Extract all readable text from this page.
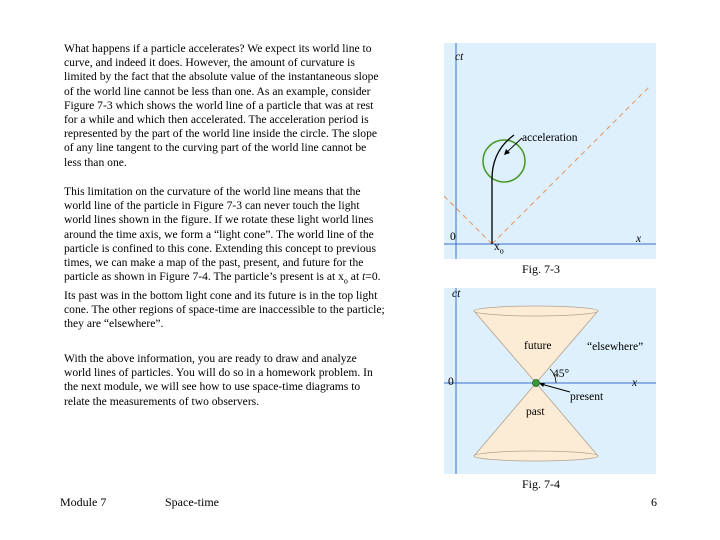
What happens if a particle accelerates? We expect its world line to curve, and indeed it does. However, the amount of curvature is limited by the fact that the absolute value of the instantaneous slope of the world line cannot be less than one. As an example, consider Figure 7-3 which shows the world line of a particle that was at rest for a while and which then accelerated. The acceleration period is represented by the part of the world line inside the circle. The slope of any line tangent to the curving part of the world line cannot be less than one.

This limitation on the curvature of the world line means that the world line of the particle in Figure 7-3 can never touch the light world lines shown in the figure. If we rotate these light world lines around the time axis, we form a “light cone”. The world line of the particle is confined to this cone. Extending this concept to previous times, we can make a map of the past, present, and future for the particle as shown in Figure 7-4. The particle’s present is at $x_o$ at t=0. Its past was in the bottom light cone and its future is in the top light cone. The other regions of space-time are inaccessible to the particle; they are “elsewhere”.

With the above information, you are ready to draw and analyze world lines of particles. You will do so in a homework problem. In the next module, we will see how to use space-time diagrams to relate the measurements of two observers.

ct
acceleration
0
$x_o$
x
Fig. 7-3
ct
future	“elsewhere”
45°
0	x
present
past
Fig. 7-4
Module 7	Space-time	6
